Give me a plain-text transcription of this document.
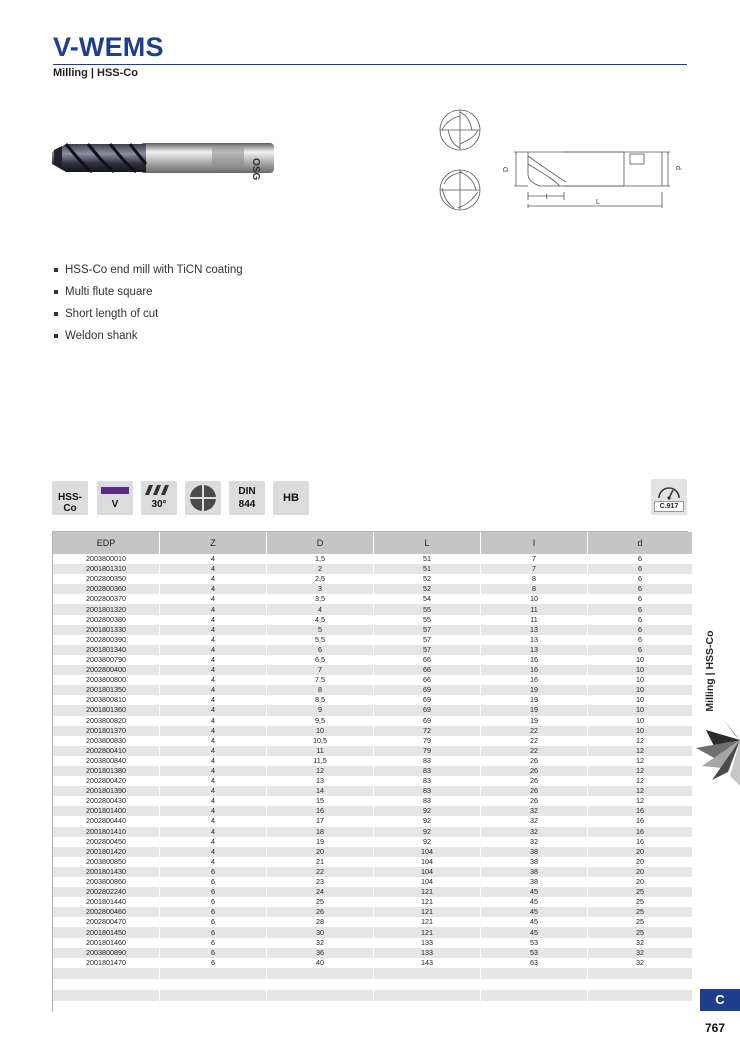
V-WEMS
Milling | HSS-Co
OSG	D	d
l
L
HSS-Co end mill with TiCN coating
Multi flute square
Short length of cut
Weldon shank
HSS-Co	V	30°
DIN
844
HB
C.917
EDP	Z	D	L	l	d
2003800010	4	1,5	51	7	6
2001801310	4	2	51	7	6
2002800350	4	2,5	52	8	6
2002800360	4	3	52	8	6
2002800370	4	3,5	54	10	6
2001801320	4	4	55	11	6
2002800380	4	4,5	55	11	6
2001801330	4	5	57	13	6
2002800390	4	5,5	57	13	6
2001801340	4	6	57	13	6
2003800790	4	6,5	66	16	10
2002800400	4	7	66	16	10
2003800800	4	7,5	66	16	10
2001801350	4	8	69	19	10
2003800810	4	8,5	69	19	10
2001801360	4	9	69	19	10
2003800820	4	9,5	69	19	10
2001801370	4	10	72	22	10
2003800830	4	10,5	79	22	12
2002800410	4	11	79	22	12
2003800840	4	11,5	83	26	12
2001801380	4	12	83	26	12
2002800420	4	13	83	26	12
2001801390	4	14	83	26	12
2002800430	4	15	83	26	12
2001801400	4	16	92	32	16
2002800440	4	17	92	32	16
2001801410	4	18	92	32	16
2002800450	4	19	92	32	16
2001801420	4	20	104	38	20
2003800850	4	21	104	38	20
2001801430	6	22	104	38	20
2003800860	6	23	104	38	20
2002802240	6	24	121	45	25
2001801440	6	25	121	45	25
2002800460	6	26	121	45	25
2002800470	6	28	121	45	25
2001801450	6	30	121	45	25
2001801460	6	32	133	53	32
2003800890	6	36	133	53	32
2001801470	6	40	143	63	32

Milling | HSS-Co
C
767
